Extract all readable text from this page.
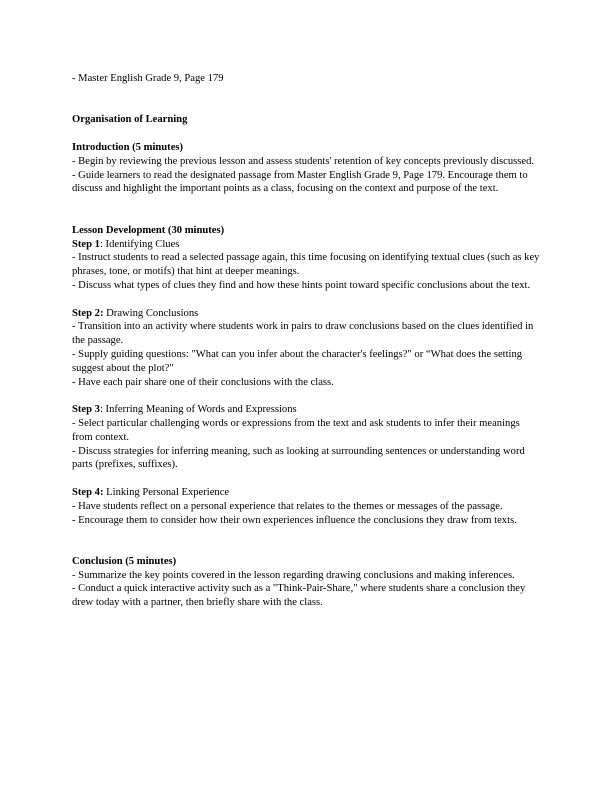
- Master English Grade 9, Page 179

Organisation of Learning
Introduction (5 minutes)

- Begin by reviewing the previous lesson and assess students' retention of key concepts previously discussed.

- Guide learners to read the designated passage from Master English Grade 9, Page 179. Encourage them to discuss and highlight the important points as a class, focusing on the context and purpose of the text.

Lesson Development (30 minutes)

Step 1: Identifying Clues

- Instruct students to read a selected passage again, this time focusing on identifying textual clues (such as key phrases, tone, or motifs) that hint at deeper meanings.

- Discuss what types of clues they find and how these hints point toward specific conclusions about the text.

Step 2: Drawing Conclusions

- Transition into an activity where students work in pairs to draw conclusions based on the clues identified in the passage.

- Supply guiding questions: "What can you infer about the character's feelings?" or “What does the setting suggest about the plot?"

- Have each pair share one of their conclusions with the class.

Step 3: Inferring Meaning of Words and Expressions

- Select particular challenging words or expressions from the text and ask students to infer their meanings from context.

- Discuss strategies for inferring meaning, such as looking at surrounding sentences or understanding word parts (prefixes, suffixes).

Step 4: Linking Personal Experience

- Have students reflect on a personal experience that relates to the themes or messages of the passage.

- Encourage them to consider how their own experiences influence the conclusions they draw from texts.

Conclusion (5 minutes)

- Summarize the key points covered in the lesson regarding drawing conclusions and making inferences.

- Conduct a quick interactive activity such as a "Think-Pair-Share," where students share a conclusion they drew today with a partner, then briefly share with the class.
